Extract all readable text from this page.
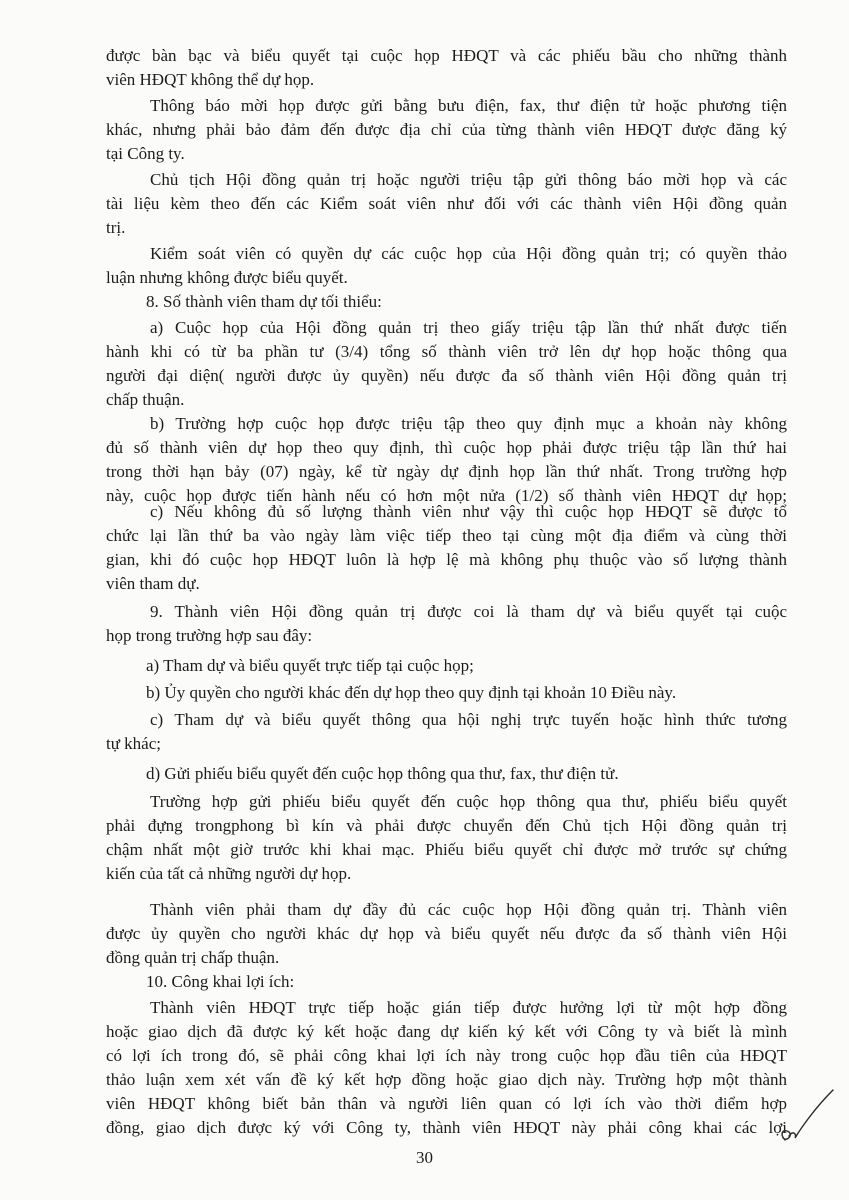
được bàn bạc và biểu quyết tại cuộc họp HĐQT và các phiếu bầu cho những thành
viên HĐQT không thể dự họp.

Thông báo mời họp được gửi bằng bưu điện, fax, thư điện tử hoặc phương tiện
khác, nhưng phải bảo đảm đến được địa chỉ của từng thành viên HĐQT được đăng ký
tại Công ty.

Chủ tịch Hội đồng quản trị hoặc người triệu tập gửi thông báo mời họp và các
tài liệu kèm theo đến các Kiểm soát viên như đối với các thành viên Hội đồng quản
trị.

Kiểm soát viên có quyền dự các cuộc họp của Hội đồng quản trị; có quyền thảo
luận nhưng không được biểu quyết.

8. Số thành viên tham dự tối thiểu:

a) Cuộc họp của Hội đồng quản trị theo giấy triệu tập lần thứ nhất được tiến
hành khi có từ ba phần tư (3/4) tổng số thành viên trở lên dự họp hoặc thông qua
người đại diện( người được ủy quyền) nếu được đa số thành viên Hội đồng quản trị
chấp thuận.

b) Trường hợp cuộc họp được triệu tập theo quy định mục a khoản này không
đủ số thành viên dự họp theo quy định, thì cuộc họp phải được triệu tập lần thứ hai
trong thời hạn bảy (07) ngày, kể từ ngày dự định họp lần thứ nhất. Trong trường hợp
này, cuộc họp được tiến hành nếu có hơn một nửa (1/2) số thành viên HĐQT dự họp;

c) Nếu không đủ số lượng thành viên như vậy thì cuộc họp HĐQT sẽ được tổ
chức lại lần thứ ba vào ngày làm việc tiếp theo tại cùng một địa điểm và cùng thời
gian, khi đó cuộc họp HĐQT luôn là hợp lệ mà không phụ thuộc vào số lượng thành
viên tham dự.

9. Thành viên Hội đồng quản trị được coi là tham dự và biểu quyết tại cuộc
họp trong trường hợp sau đây:

a) Tham dự và biểu quyết trực tiếp tại cuộc họp;

b) Ủy quyền cho người khác đến dự họp theo quy định tại khoản 10 Điều này.

c) Tham dự và biểu quyết thông qua hội nghị trực tuyến hoặc hình thức tương
tự khác;

d) Gửi phiếu biểu quyết đến cuộc họp thông qua thư, fax, thư điện tử.

Trường hợp gửi phiếu biểu quyết đến cuộc họp thông qua thư, phiếu biểu quyết
phải đựng trongphong bì kín và phải được chuyển đến Chủ tịch Hội đồng quản trị
chậm nhất một giờ trước khi khai mạc. Phiếu biểu quyết chỉ được mở trước sự chứng
kiến của tất cả những người dự họp.

Thành viên phải tham dự đầy đủ các cuộc họp Hội đồng quản trị. Thành viên
được ủy quyền cho người khác dự họp và biểu quyết nếu được đa số thành viên Hội
đồng quản trị chấp thuận.

10. Công khai lợi ích:

Thành viên HĐQT trực tiếp hoặc gián tiếp được hưởng lợi từ một hợp đồng
hoặc giao dịch đã được ký kết hoặc đang dự kiến ký kết với Công ty và biết là mình
có lợi ích trong đó, sẽ phải công khai lợi ích này trong cuộc họp đầu tiên của HĐQT
thảo luận xem xét vấn đề ký kết hợp đồng hoặc giao dịch này. Trường hợp một thành
viên HĐQT không biết bản thân và người liên quan có lợi ích vào thời điểm hợp
đồng, giao dịch được ký với Công ty, thành viên HĐQT này phải công khai các lợi

30
